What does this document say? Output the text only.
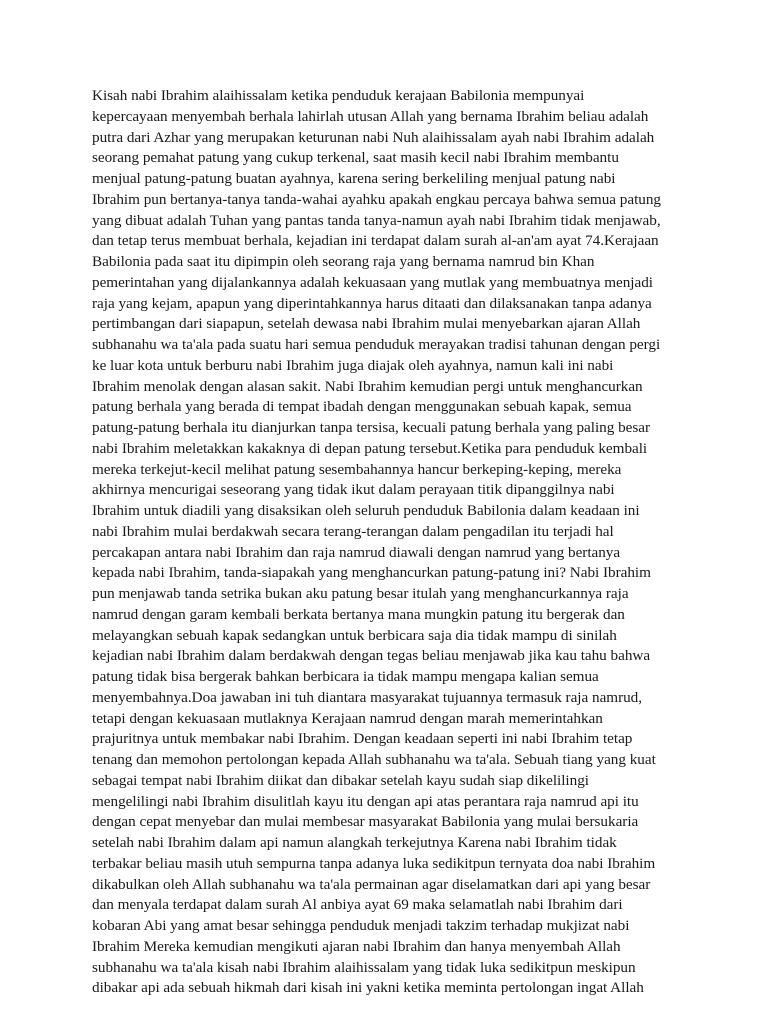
Kisah nabi Ibrahim alaihissalam ketika penduduk kerajaan Babilonia mempunyai
kepercayaan menyembah berhala lahirlah utusan Allah yang bernama Ibrahim beliau adalah
putra dari Azhar yang merupakan keturunan nabi Nuh alaihissalam ayah nabi Ibrahim adalah
seorang pemahat patung yang cukup terkenal, saat masih kecil nabi Ibrahim membantu
menjual patung-patung buatan ayahnya, karena sering berkeliling menjual patung nabi
Ibrahim pun bertanya-tanya tanda-wahai ayahku apakah engkau percaya bahwa semua patung
yang dibuat adalah Tuhan yang pantas tanda tanya-namun ayah nabi Ibrahim tidak menjawab,
dan tetap terus membuat berhala, kejadian ini terdapat dalam surah al-an'am ayat 74.Kerajaan
Babilonia pada saat itu dipimpin oleh seorang raja yang bernama namrud bin Khan
pemerintahan yang dijalankannya adalah kekuasaan yang mutlak yang membuatnya menjadi
raja yang kejam, apapun yang diperintahkannya harus ditaati dan dilaksanakan tanpa adanya
pertimbangan dari siapapun, setelah dewasa nabi Ibrahim mulai menyebarkan ajaran Allah
subhanahu wa ta'ala pada suatu hari semua penduduk merayakan tradisi tahunan dengan pergi
ke luar kota untuk berburu nabi Ibrahim juga diajak oleh ayahnya, namun kali ini nabi
Ibrahim menolak dengan alasan sakit. Nabi Ibrahim kemudian pergi untuk menghancurkan
patung berhala yang berada di tempat ibadah dengan menggunakan sebuah kapak, semua
patung-patung berhala itu dianjurkan tanpa tersisa, kecuali patung berhala yang paling besar
nabi Ibrahim meletakkan kakaknya di depan patung tersebut.Ketika para penduduk kembali
mereka terkejut-kecil melihat patung sesembahannya hancur berkeping-keping, mereka
akhirnya mencurigai seseorang yang tidak ikut dalam perayaan titik dipanggilnya nabi
Ibrahim untuk diadili yang disaksikan oleh seluruh penduduk Babilonia dalam keadaan ini
nabi Ibrahim mulai berdakwah secara terang-terangan dalam pengadilan itu terjadi hal
percakapan antara nabi Ibrahim dan raja namrud diawali dengan namrud yang bertanya
kepada nabi Ibrahim, tanda-siapakah yang menghancurkan patung-patung ini? Nabi Ibrahim
pun menjawab tanda setrika bukan aku patung besar itulah yang menghancurkannya raja
namrud dengan garam kembali berkata bertanya mana mungkin patung itu bergerak dan
melayangkan sebuah kapak sedangkan untuk berbicara saja dia tidak mampu di sinilah
kejadian nabi Ibrahim dalam berdakwah dengan tegas beliau menjawab jika kau tahu bahwa
patung tidak bisa bergerak bahkan berbicara ia tidak mampu mengapa kalian semua
menyembahnya.Doa jawaban ini tuh diantara masyarakat tujuannya termasuk raja namrud,
tetapi dengan kekuasaan mutlaknya Kerajaan namrud dengan marah memerintahkan
prajuritnya untuk membakar nabi Ibrahim. Dengan keadaan seperti ini nabi Ibrahim tetap
tenang dan memohon pertolongan kepada Allah subhanahu wa ta'ala. Sebuah tiang yang kuat
sebagai tempat nabi Ibrahim diikat dan dibakar setelah kayu sudah siap dikelilingi
mengelilingi nabi Ibrahim disulitlah kayu itu dengan api atas perantara raja namrud api itu
dengan cepat menyebar dan mulai membesar masyarakat Babilonia yang mulai bersukaria
setelah nabi Ibrahim dalam api namun alangkah terkejutnya Karena nabi Ibrahim tidak
terbakar beliau masih utuh sempurna tanpa adanya luka sedikitpun ternyata doa nabi Ibrahim
dikabulkan oleh Allah subhanahu wa ta'ala permainan agar diselamatkan dari api yang besar
dan menyala terdapat dalam surah Al anbiya ayat 69 maka selamatlah nabi Ibrahim dari
kobaran Abi yang amat besar sehingga penduduk menjadi takzim terhadap mukjizat nabi
Ibrahim Mereka kemudian mengikuti ajaran nabi Ibrahim dan hanya menyembah Allah
subhanahu wa ta'ala kisah nabi Ibrahim alaihissalam yang tidak luka sedikitpun meskipun
dibakar api ada sebuah hikmah dari kisah ini yakni ketika meminta pertolongan ingat Allah
